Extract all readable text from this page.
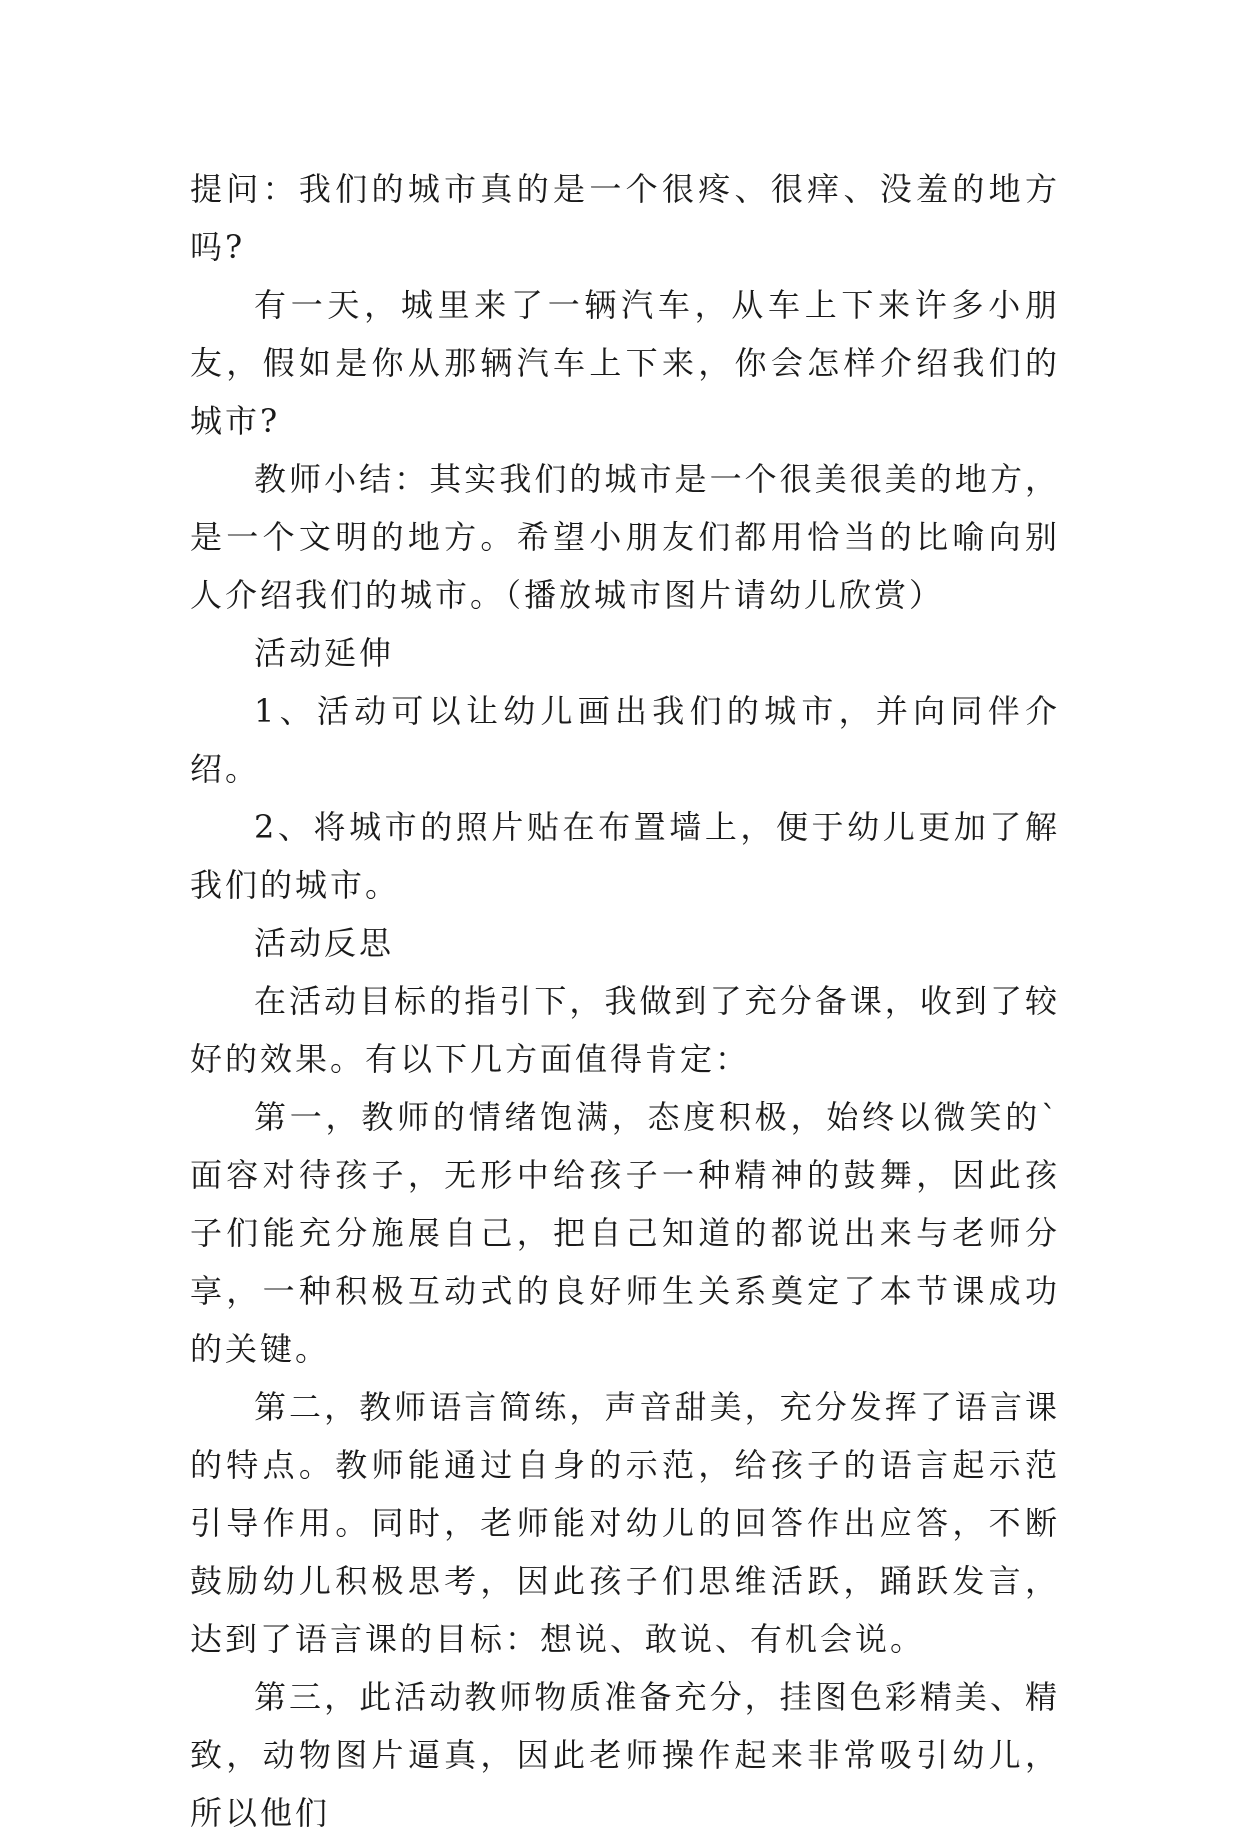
提问：我们的城市真的是一个很疼、很痒、没羞的地方吗?

有一天，城里来了一辆汽车，从车上下来许多小朋友，假如是你从那辆汽车上下来，你会怎样介绍我们的城市?

教师小结：其实我们的城市是一个很美很美的地方，是一个文明的地方。希望小朋友们都用恰当的比喻向别人介绍我们的城市。（播放城市图片请幼儿欣赏）

活动延伸

1、活动可以让幼儿画出我们的城市，并向同伴介绍。

2、将城市的照片贴在布置墙上，便于幼儿更加了解我们的城市。

活动反思

在活动目标的指引下，我做到了充分备课，收到了较好的效果。有以下几方面值得肯定：

第一，教师的情绪饱满，态度积极，始终以微笑的`面容对待孩子，无形中给孩子一种精神的鼓舞，因此孩子们能充分施展自己，把自己知道的都说出来与老师分享，一种积极互动式的良好师生关系奠定了本节课成功的关键。

第二，教师语言简练，声音甜美，充分发挥了语言课的特点。教师能通过自身的示范，给孩子的语言起示范引导作用。同时，老师能对幼儿的回答作出应答，不断鼓励幼儿积极思考，因此孩子们思维活跃，踊跃发言，达到了语言课的目标：想说、敢说、有机会说。

第三，此活动教师物质准备充分，挂图色彩精美、精致，动物图片逼真，因此老师操作起来非常吸引幼儿，所以他们
